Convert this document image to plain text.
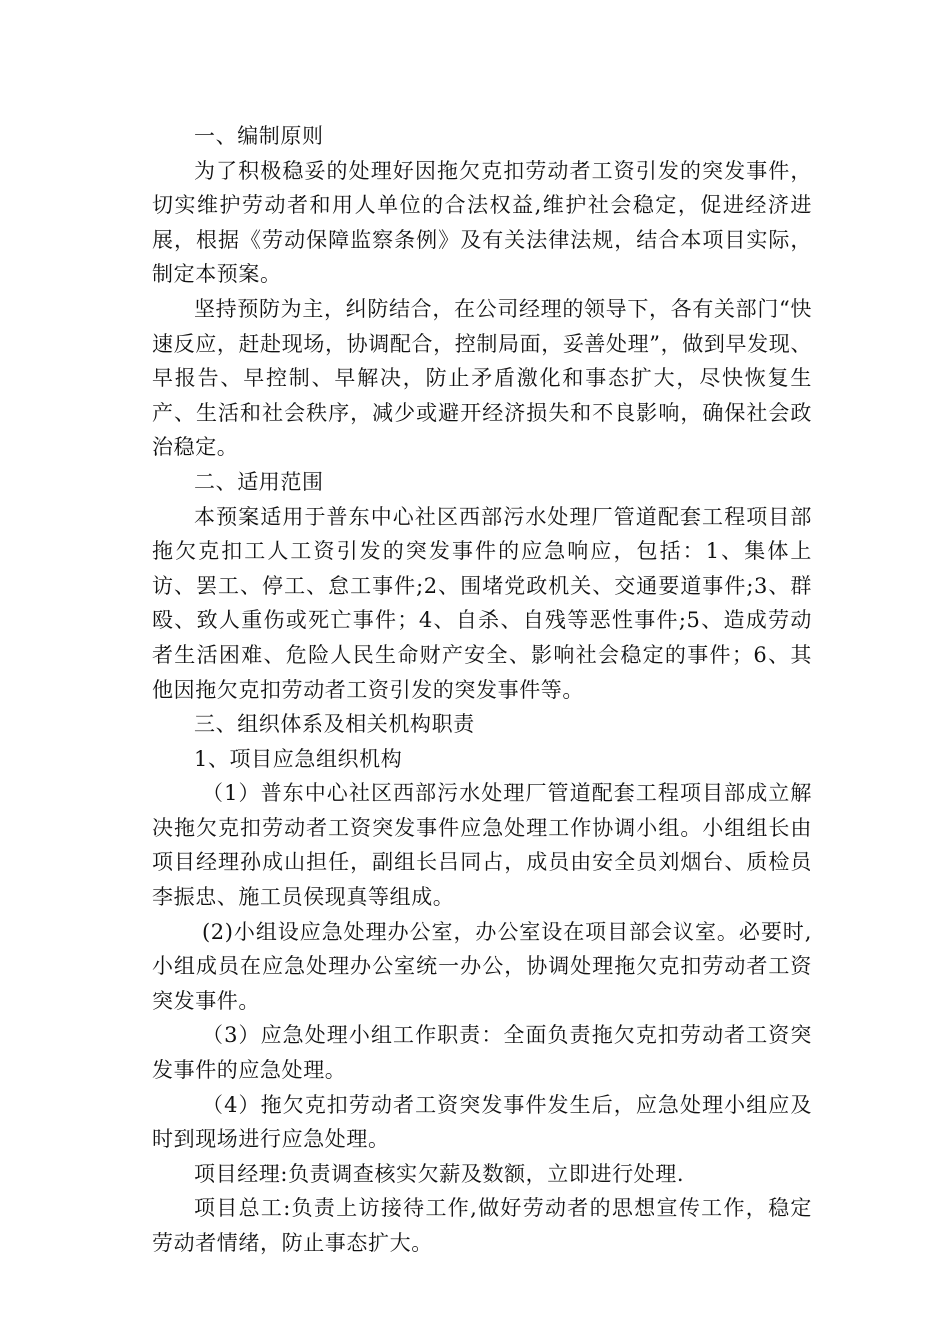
一、编制原则

为了积极稳妥的处理好因拖欠克扣劳动者工资引发的突发事件，切实维护劳动者和用人单位的合法权益,维护社会稳定，促进经济进展，根据《劳动保障监察条例》及有关法律法规，结合本项目实际，制定本预案。

坚持预防为主，纠防结合，在公司经理的领导下，各有关部门“快速反应，赶赴现场，协调配合，控制局面，妥善处理”，做到早发现、早报告、早控制、早解决，防止矛盾激化和事态扩大，尽快恢复生产、生活和社会秩序，减少或避开经济损失和不良影响，确保社会政治稳定。

二、适用范围

本预案适用于普东中心社区西部污水处理厂管道配套工程项目部拖欠克扣工人工资引发的突发事件的应急响应，包括：1、集体上访、罢工、停工、怠工事件;2、围堵党政机关、交通要道事件;3、群殴、致人重伤或死亡事件；4、自杀、自残等恶性事件;5、造成劳动者生活困难、危险人民生命财产安全、影响社会稳定的事件；6、其他因拖欠克扣劳动者工资引发的突发事件等。

三、组织体系及相关机构职责

1、项目应急组织机构

（1）普东中心社区西部污水处理厂管道配套工程项目部成立解决拖欠克扣劳动者工资突发事件应急处理工作协调小组。小组组长由项目经理孙成山担任，副组长吕同占，成员由安全员刘烟台、质检员李振忠、施工员侯现真等组成。

(2)小组设应急处理办公室，办公室设在项目部会议室。必要时,小组成员在应急处理办公室统一办公，协调处理拖欠克扣劳动者工资突发事件。

（3）应急处理小组工作职责：全面负责拖欠克扣劳动者工资突发事件的应急处理。

（4）拖欠克扣劳动者工资突发事件发生后，应急处理小组应及时到现场进行应急处理。

项目经理:负责调查核实欠薪及数额，立即进行处理.

项目总工:负责上访接待工作,做好劳动者的思想宣传工作，稳定劳动者情绪，防止事态扩大。
